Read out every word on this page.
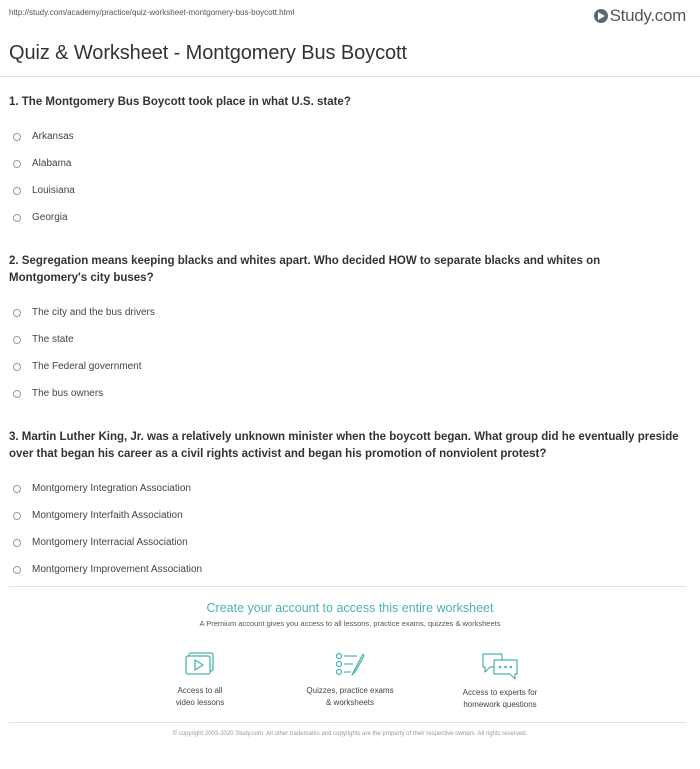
http://study.com/academy/practice/quiz-worksheet-montgomery-bus-boycott.html	Study.com
Quiz & Worksheet - Montgomery Bus Boycott
1. The Montgomery Bus Boycott took place in what U.S. state?
Arkansas
Alabama
Louisiana
Georgia
2. Segregation means keeping blacks and whites apart. Who decided HOW to separate blacks and whites on Montgomery's city buses?
The city and the bus drivers
The state
The Federal government
The bus owners
3. Martin Luther King, Jr. was a relatively unknown minister when the boycott began. What group did he eventually preside over that began his career as a civil rights activist and began his promotion of nonviolent protest?
Montgomery Integration Association
Montgomery Interfaith Association
Montgomery Interracial Association
Montgomery Improvement Association
Create your account to access this entire worksheet
A Premium account gives you access to all lessons, practice exams, quizzes & worksheets
Access to all
video lessons
Quizzes, practice exams
& worksheets
Access to experts for
homework questions
© copyright 2003-2020 Study.com. All other trademarks and copyrights are the property of their respective owners. All rights reserved.
